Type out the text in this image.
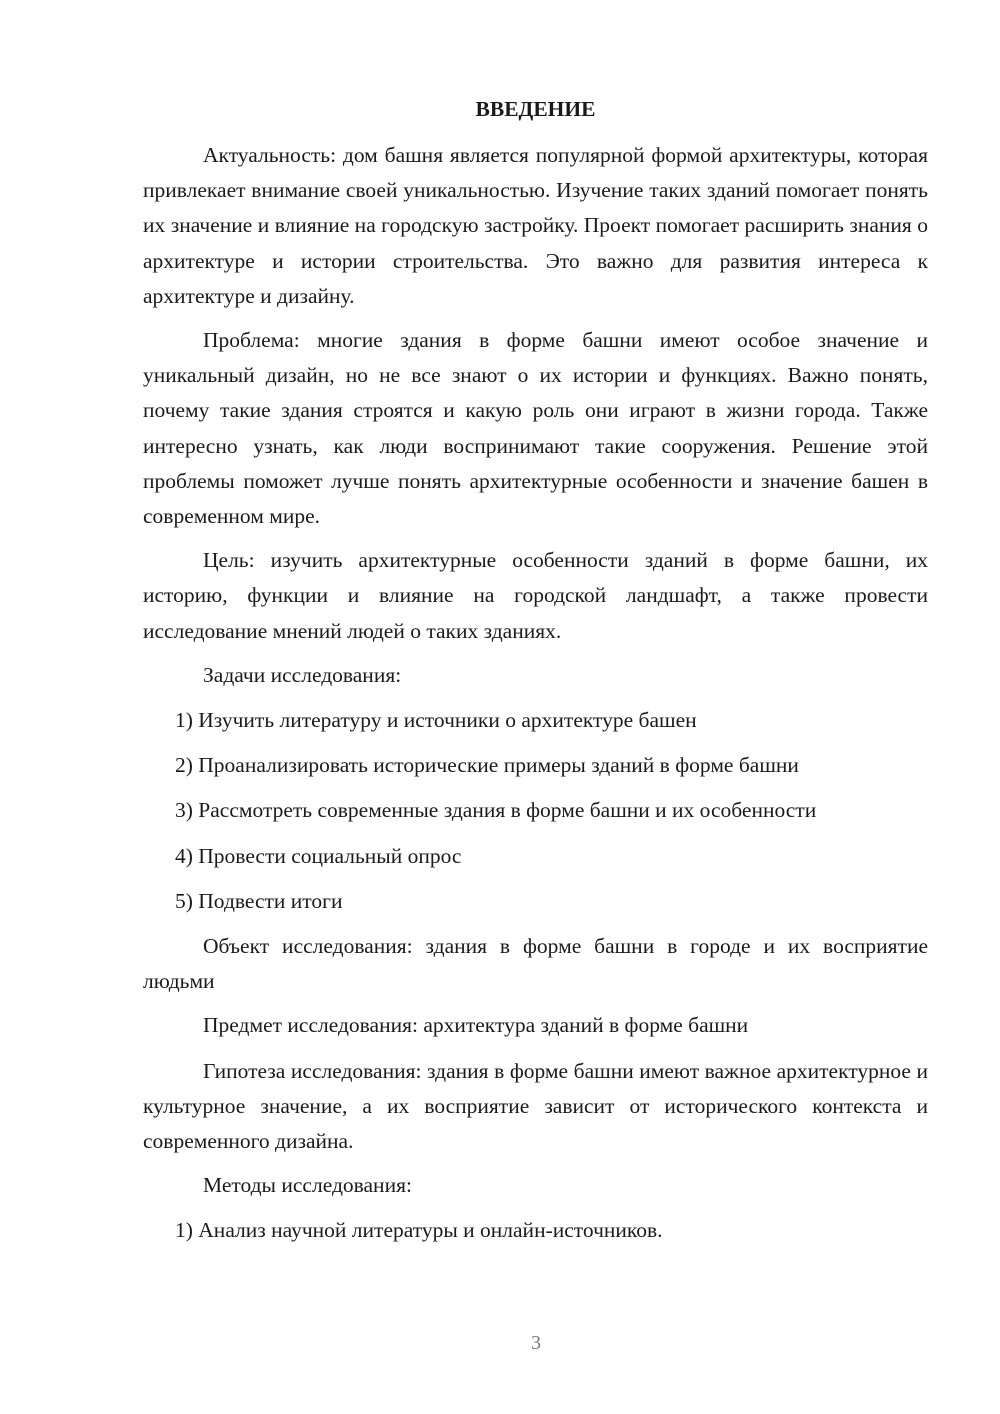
ВВЕДЕНИЕ

Актуальность: дом башня является популярной формой архитектуры, которая привлекает внимание своей уникальностью. Изучение таких зданий помогает понять их значение и влияние на городскую застройку. Проект помогает расширить знания о архитектуре и истории строительства. Это важно для развития интереса к архитектуре и дизайну.

Проблема: многие здания в форме башни имеют особое значение и уникальный дизайн, но не все знают о их истории и функциях. Важно понять, почему такие здания строятся и какую роль они играют в жизни города. Также интересно узнать, как люди воспринимают такие сооружения. Решение этой проблемы поможет лучше понять архитектурные особенности и значение башен в современном мире.

Цель: изучить архитектурные особенности зданий в форме башни, их историю, функции и влияние на городской ландшафт, а также провести исследование мнений людей о таких зданиях.

Задачи исследования:

1) Изучить литературу и источники о архитектуре башен
2) Проанализировать исторические примеры зданий в форме башни
3) Рассмотреть современные здания в форме башни и их особенности
4) Провести социальный опрос
5) Подвести итоги

Объект исследования: здания в форме башни в городе и их восприятие людьми

Предмет исследования: архитектура зданий в форме башни

Гипотеза исследования: здания в форме башни имеют важное архитектурное и культурное значение, а их восприятие зависит от исторического контекста и современного дизайна.

Методы исследования:

1) Анализ научной литературы и онлайн-источников.
3
